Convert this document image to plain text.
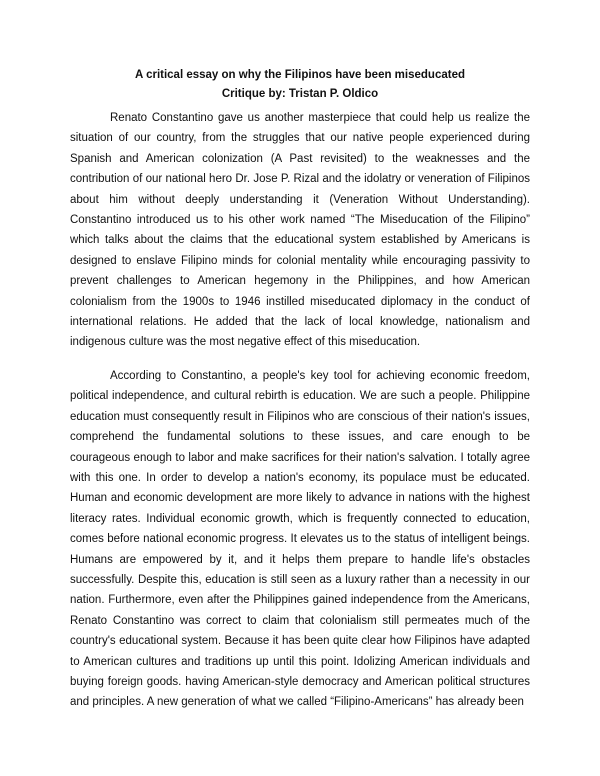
A critical essay on why the Filipinos have been miseducated
Critique by: Tristan P. Oldico

Renato Constantino gave us another masterpiece that could help us realize the situation of our country, from the struggles that our native people experienced during Spanish and American colonization (A Past revisited) to the weaknesses and the contribution of our national hero Dr. Jose P. Rizal and the idolatry or veneration of Filipinos about him without deeply understanding it (Veneration Without Understanding). Constantino introduced us to his other work named “The Miseducation of the Filipino” which talks about the claims that the educational system established by Americans is designed to enslave Filipino minds for colonial mentality while encouraging passivity to prevent challenges to American hegemony in the Philippines, and how American colonialism from the 1900s to 1946 instilled miseducated diplomacy in the conduct of international relations. He added that the lack of local knowledge, nationalism and indigenous culture was the most negative effect of this miseducation.

According to Constantino, a people's key tool for achieving economic freedom, political independence, and cultural rebirth is education. We are such a people. Philippine education must consequently result in Filipinos who are conscious of their nation's issues, comprehend the fundamental solutions to these issues, and care enough to be courageous enough to labor and make sacrifices for their nation's salvation. I totally agree with this one. In order to develop a nation's economy, its populace must be educated. Human and economic development are more likely to advance in nations with the highest literacy rates. Individual economic growth, which is frequently connected to education, comes before national economic progress. It elevates us to the status of intelligent beings. Humans are empowered by it, and it helps them prepare to handle life's obstacles successfully. Despite this, education is still seen as a luxury rather than a necessity in our nation. Furthermore, even after the Philippines gained independence from the Americans, Renato Constantino was correct to claim that colonialism still permeates much of the country's educational system. Because it has been quite clear how Filipinos have adapted to American cultures and traditions up until this point. Idolizing American individuals and buying foreign goods. having American-style democracy and American political structures and principles. A new generation of what we called “Filipino-Americans” has already been
